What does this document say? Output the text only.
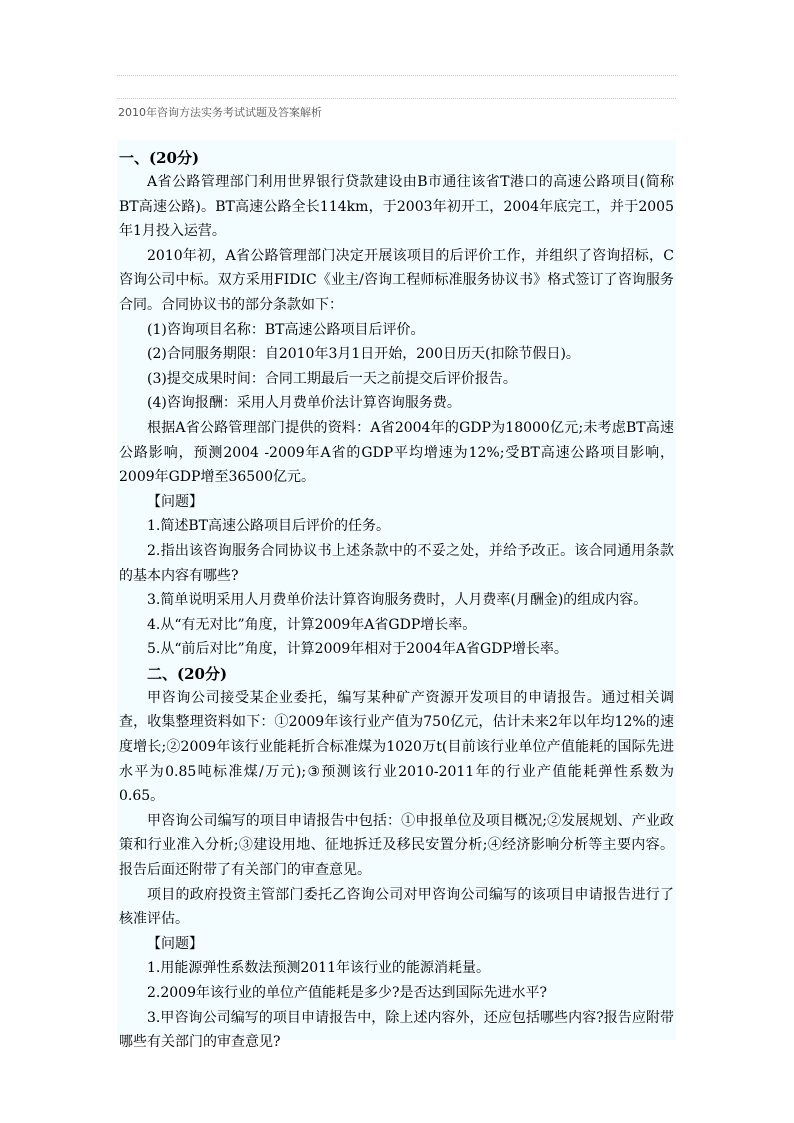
2010年咨询方法实务考试试题及答案解析

一、(20分)

A省公路管理部门利用世界银行贷款建设由B市通往该省T港口的高速公路项目(简称BT高速公路)。BT高速公路全长114km，于2003年初开工，2004年底完工，并于2005年1月投入运营。

2010年初，A省公路管理部门决定开展该项目的后评价工作，并组织了咨询招标，C咨询公司中标。双方采用FIDIC《业主/咨询工程师标准服务协议书》格式签订了咨询服务合同。合同协议书的部分条款如下：

(1)咨询项目名称：BT高速公路项目后评价。

(2)合同服务期限：自2010年3月1日开始，200日历天(扣除节假日)。

(3)提交成果时间：合同工期最后一天之前提交后评价报告。

(4)咨询报酬：采用人月费单价法计算咨询服务费。

根据A省公路管理部门提供的资料：A省2004年的GDP为18000亿元;未考虑BT高速公路影响，预测2004 -2009年A省的GDP平均增速为12%;受BT高速公路项目影响，2009年GDP增至36500亿元。

【问题】

1.简述BT高速公路项目后评价的任务。

2.指出该咨询服务合同协议书上述条款中的不妥之处，并给予改正。该合同通用条款的基本内容有哪些?

3.简单说明采用人月费单价法计算咨询服务费时，人月费率(月酬金)的组成内容。

4.从“有无对比”角度，计算2009年A省GDP增长率。

5.从“前后对比”角度，计算2009年相对于2004年A省GDP增长率。

二、(20分)

甲咨询公司接受某企业委托，编写某种矿产资源开发项目的申请报告。通过相关调查，收集整理资料如下：①2009年该行业产值为750亿元，估计未来2年以年均12%的速度增长;②2009年该行业能耗折合标准煤为1020万t(目前该行业单位产值能耗的国际先进水平为0.85吨标准煤/万元);③预测该行业2010-2011年的行业产值能耗弹性系数为0.65。

甲咨询公司编写的项目申请报告中包括：①申报单位及项目概况;②发展规划、产业政策和行业准入分析;③建设用地、征地拆迁及移民安置分析;④经济影响分析等主要内容。报告后面还附带了有关部门的审查意见。

项目的政府投资主管部门委托乙咨询公司对甲咨询公司编写的该项目申请报告进行了核准评估。

【问题】

1.用能源弹性系数法预测2011年该行业的能源消耗量。

2.2009年该行业的单位产值能耗是多少?是否达到国际先进水平?

3.甲咨询公司编写的项目申请报告中，除上述内容外，还应包括哪些内容?报告应附带哪些有关部门的审查意见?
